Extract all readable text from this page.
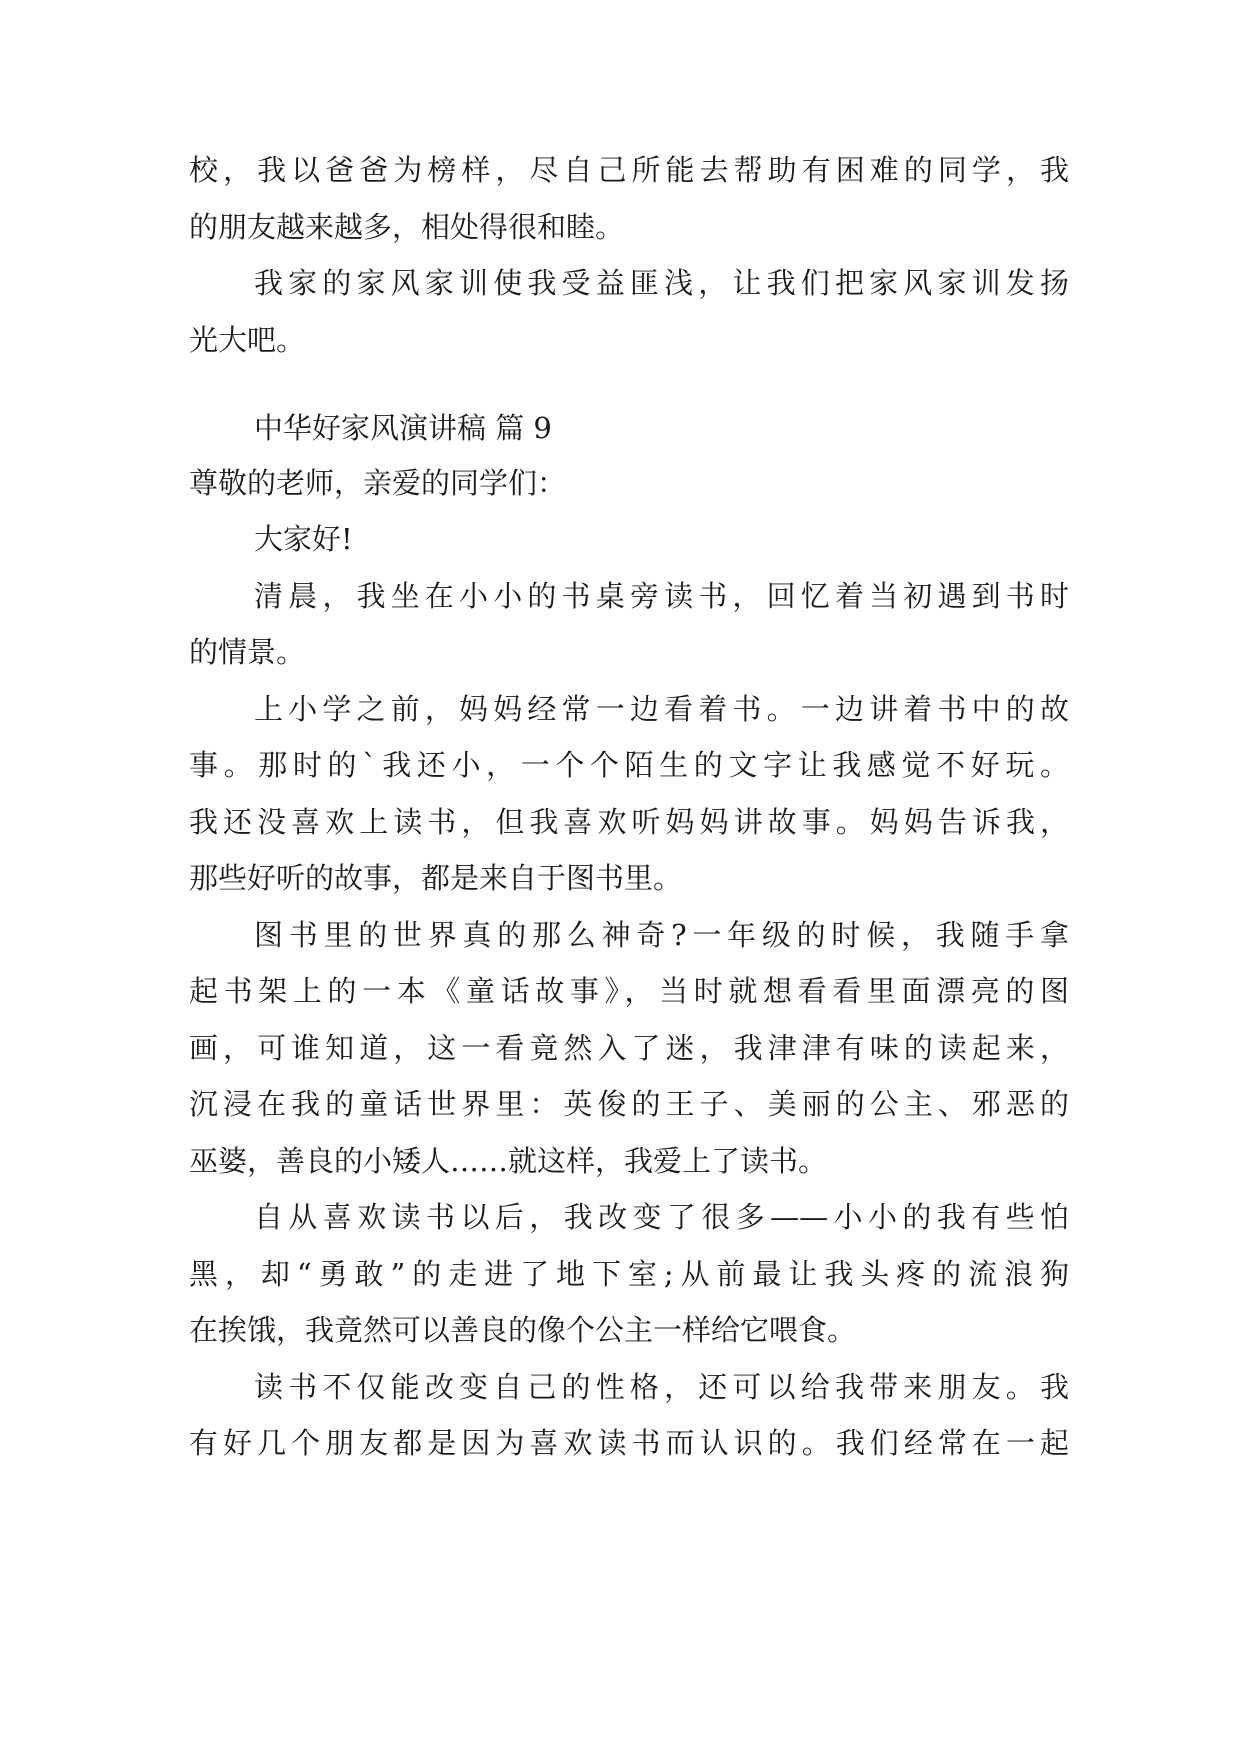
校，我以爸爸为榜样，尽自己所能去帮助有困难的同学，我
的朋友越来越多，相处得很和睦。
我家的家风家训使我受益匪浅，让我们把家风家训发扬
光大吧。
中华好家风演讲稿 篇 9
尊敬的老师，亲爱的同学们：
大家好!
清晨，我坐在小小的书桌旁读书，回忆着当初遇到书时
的情景。
上小学之前，妈妈经常一边看着书。一边讲着书中的故
事。那时的`我还小，一个个陌生的文字让我感觉不好玩。
我还没喜欢上读书，但我喜欢听妈妈讲故事。妈妈告诉我，
那些好听的故事，都是来自于图书里。
图书里的世界真的那么神奇?一年级的时候，我随手拿
起书架上的一本《童话故事》，当时就想看看里面漂亮的图
画，可谁知道，这一看竟然入了迷，我津津有味的读起来，
沉浸在我的童话世界里：英俊的王子、美丽的公主、邪恶的
巫婆，善良的小矮人……就这样，我爱上了读书。
自从喜欢读书以后，我改变了很多——小小的我有些怕
黑，却“勇敢”的走进了地下室;从前最让我头疼的流浪狗
在挨饿，我竟然可以善良的像个公主一样给它喂食。
读书不仅能改变自己的性格，还可以给我带来朋友。我
有好几个朋友都是因为喜欢读书而认识的。我们经常在一起
